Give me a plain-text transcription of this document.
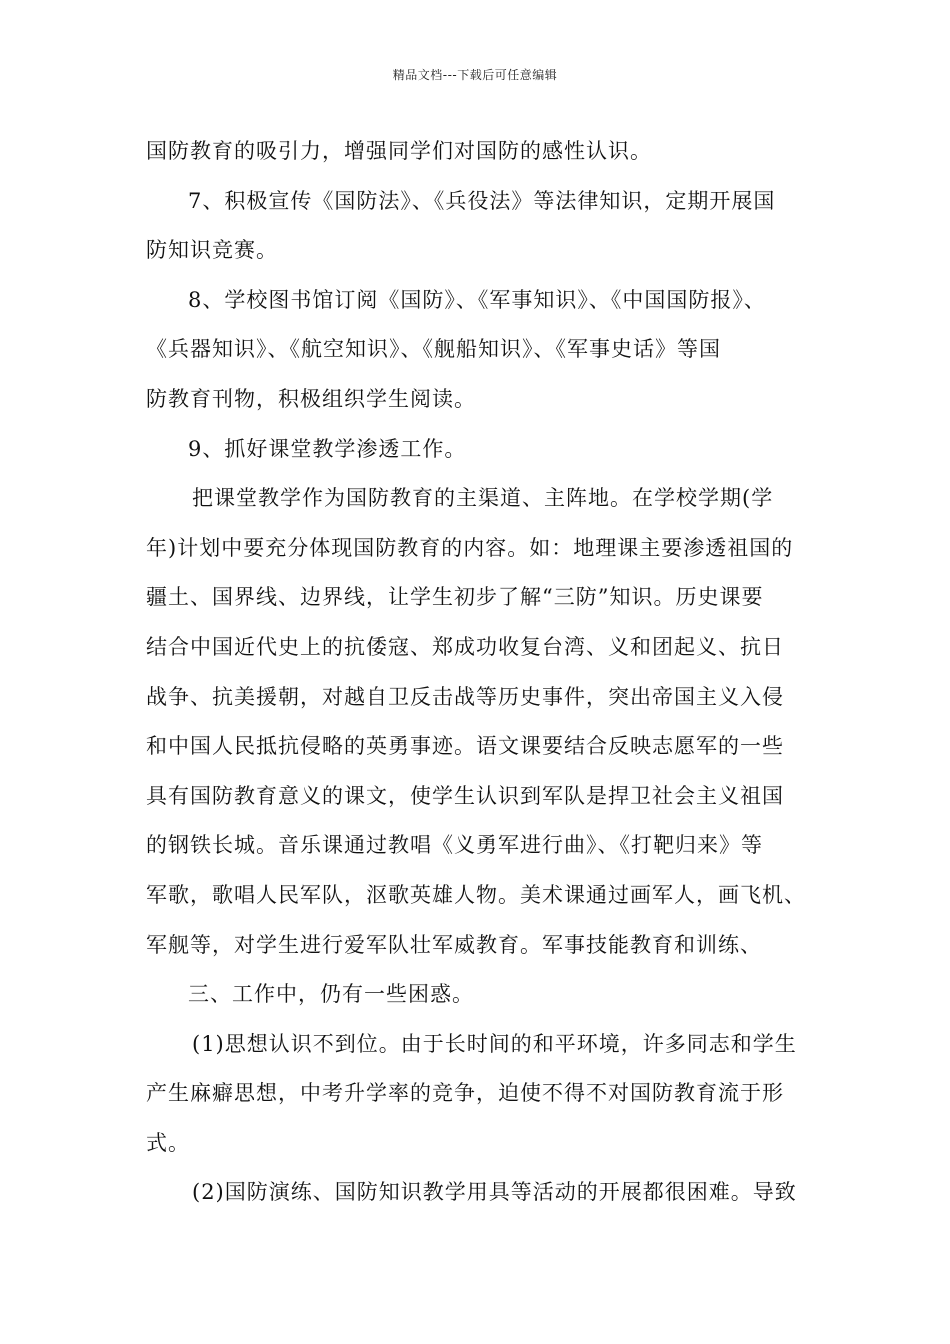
精品文档---下载后可任意编辑
国防教育的吸引力，增强同学们对国防的感性认识。
7、积极宣传《国防法》、《兵役法》等法律知识，定期开展国
防知识竞赛。
8、学校图书馆订阅《国防》、《军事知识》、《中国国防报》、
《兵器知识》、《航空知识》、《舰船知识》、《军事史话》等国
防教育刊物，积极组织学生阅读。
9、抓好课堂教学渗透工作。
把课堂教学作为国防教育的主渠道、主阵地。在学校学期(学
年)计划中要充分体现国防教育的内容。如：地理课主要渗透祖国的
疆土、国界线、边界线，让学生初步了解“三防”知识。历史课要
结合中国近代史上的抗倭寇、郑成功收复台湾、义和团起义、抗日
战争、抗美援朝，对越自卫反击战等历史事件，突出帝国主义入侵
和中国人民抵抗侵略的英勇事迹。语文课要结合反映志愿军的一些
具有国防教育意义的课文，使学生认识到军队是捍卫社会主义祖国
的钢铁长城。音乐课通过教唱《义勇军进行曲》、《打靶归来》等
军歌，歌唱人民军队，沤歌英雄人物。美术课通过画军人，画飞机、
军舰等，对学生进行爱军队壮军威教育。军事技能教育和训练、
三、工作中，仍有一些困惑。
(1)思想认识不到位。由于长时间的和平环境，许多同志和学生
产生麻癖思想，中考升学率的竞争，迫使不得不对国防教育流于形
式。
(2)国防演练、国防知识教学用具等活动的开展都很困难。导致
